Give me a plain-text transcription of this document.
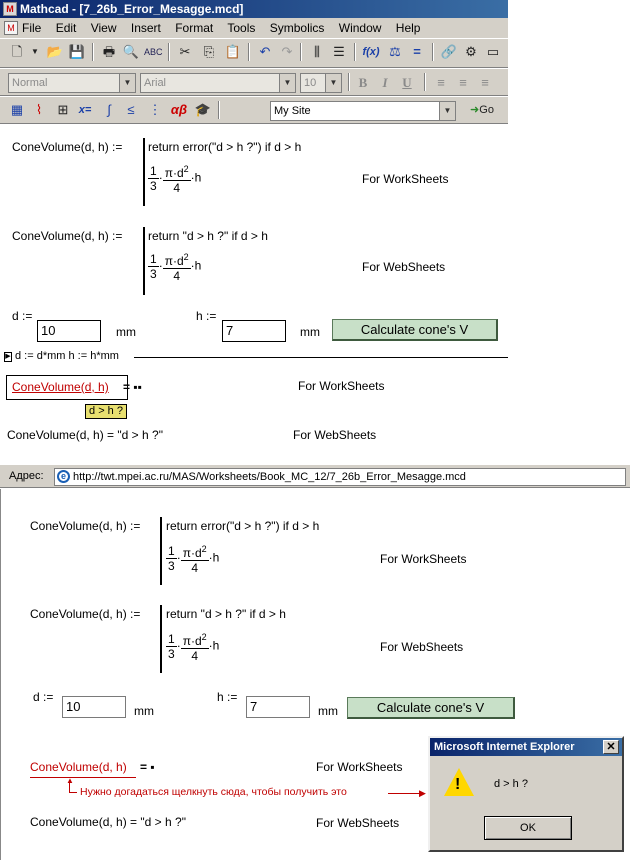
M Mathcad - [7_26b_Error_Mesagge.mcd]
M File Edit View Insert Format Tools Symbolics Window Help
🗋	▼ 📂 💾 🖶 🔍 ABC ✂ ⎘ 📋 ↶ ↷	⫼	☰ f(x) ⚖ =	🔗 ⚙ ▭
Normal	▼	Arial	▼	10	▼	B	I	U	≡	≡	≡
▦ ⌇	⊞ x=	∫	≤	⋮ αβ 🎓	My Site	▼	➜Go
ConeVolume(d, h) := return error("d > h ?") if d > h
$\frac{1}{3} \cdot \frac{\pi\cdot d^2}{4} \cdot h$	For WorkSheets
ConeVolume(d, h) := return "d > h ?" if d > h
$\frac{1}{3} \cdot \frac{\pi\cdot d^2}{4} \cdot h$	For WebSheets
d :=
10	mm
h :=
7	mm	Calculate cone's V
▶ d := d*mm h := h*mm
ConeVolume(d, h) = ▪▪
d > h ?
For WorkSheets
ConeVolume(d, h) = "d > h ?"	For WebSheets
Адрес:	e http://twt.mpei.ac.ru/MAS/Worksheets/Book_MC_12/7_26b_Error_Mesagge.mcd
ConeVolume(d, h) := return error("d > h ?") if d > h
$\frac{1}{3} \cdot \frac{\pi\cdot d^2}{4} \cdot h$	For WorkSheets
ConeVolume(d, h) := return "d > h ?" if d > h
$\frac{1}{3} \cdot \frac{\pi\cdot d^2}{4} \cdot h$	For WebSheets
d :=
10	mm
h :=
7	mm	Calculate cone's V
ConeVolume(d, h) = ▪	For WorkSheets
▲
Нужно догадаться щелкнуть сюда, чтобы получить это	▶
ConeVolume(d, h) = "d > h ?"	For WebSheets
Microsoft Internet Explorer	✕
!	d > h ?
OK
